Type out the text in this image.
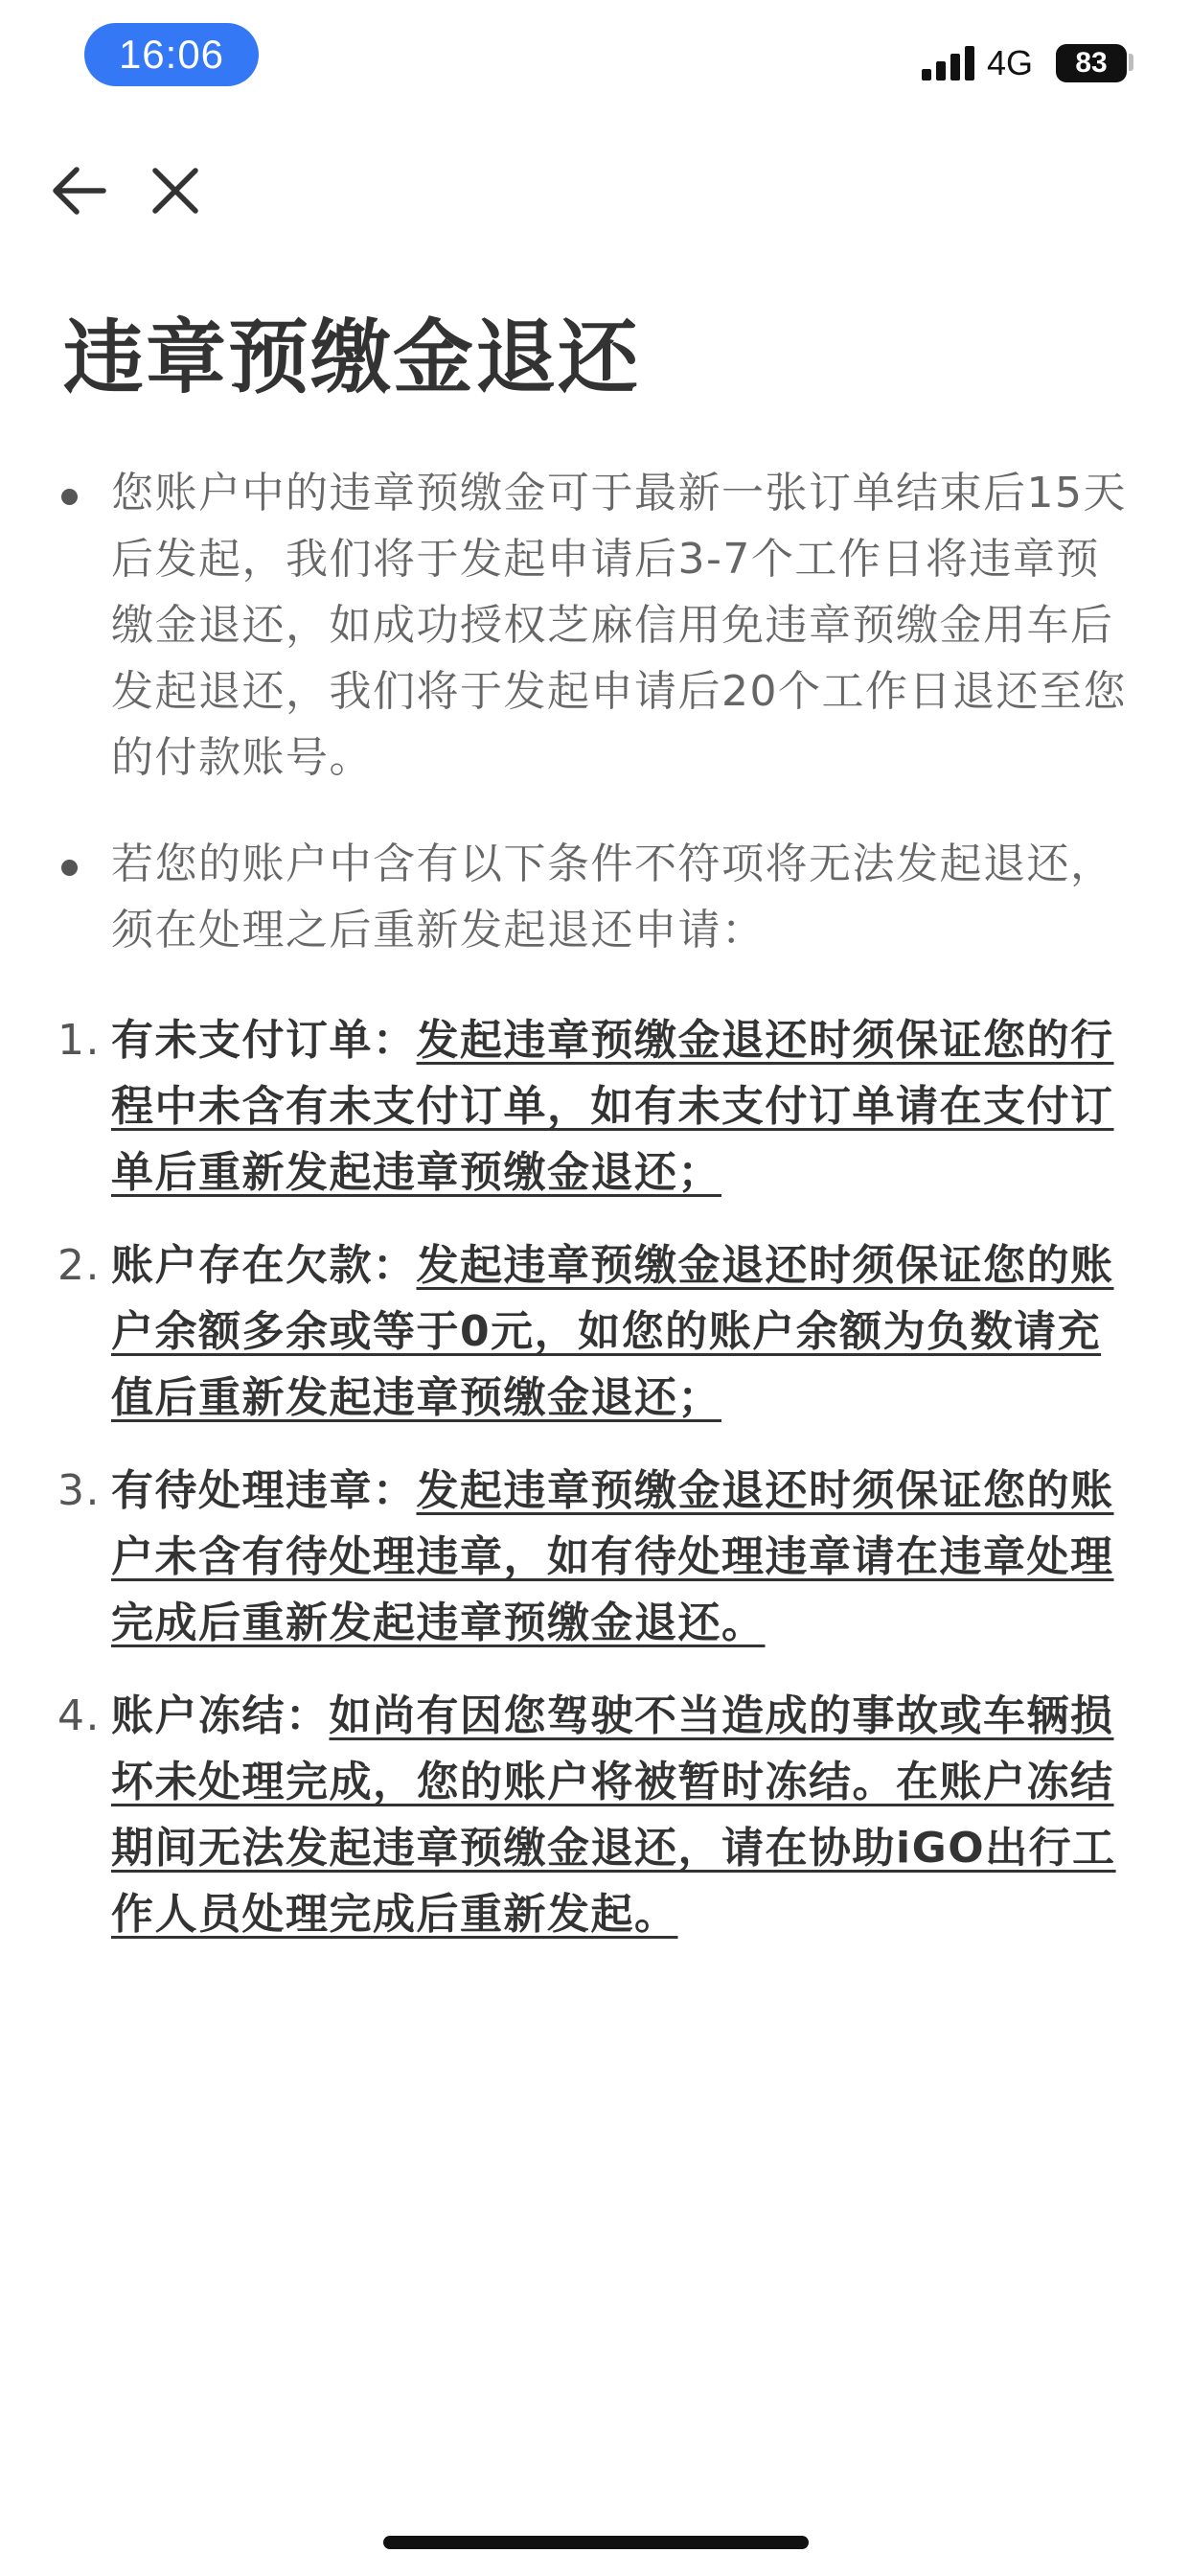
16:06	4G	83
违章预缴金退还
您账户中的违章预缴金可于最新一张订单结束后15天后发起，我们将于发起申请后3-7个工作日将违章预缴金退还，如成功授权芝麻信用免违章预缴金用车后发起退还，我们将于发起申请后20个工作日退还至您的付款账号。
若您的账户中含有以下条件不符项将无法发起退还，须在处理之后重新发起退还申请：
1. 有未支付订单：发起违章预缴金退还时须保证您的行程中未含有未支付订单，如有未支付订单请在支付订单后重新发起违章预缴金退还；
2. 账户存在欠款：发起违章预缴金退还时须保证您的账户余额多余或等于0元，如您的账户余额为负数请充值后重新发起违章预缴金退还；
3. 有待处理违章：发起违章预缴金退还时须保证您的账户未含有待处理违章，如有待处理违章请在违章处理完成后重新发起违章预缴金退还。
4. 账户冻结：如尚有因您驾驶不当造成的事故或车辆损坏未处理完成，您的账户将被暂时冻结。在账户冻结期间无法发起违章预缴金退还，请在协助iGO出行工作人员处理完成后重新发起。
